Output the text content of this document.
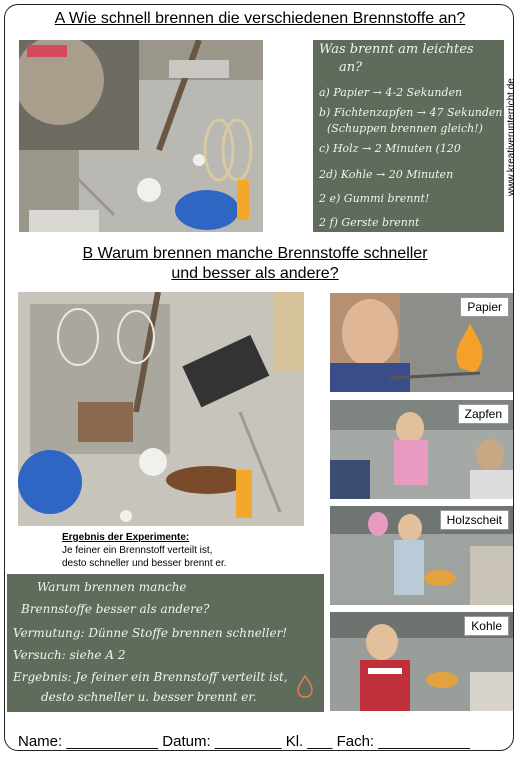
A Wie schnell brennen die verschiedenen Brennstoffe an?
Was brennt am leichtes
an?
a) Papier → 4-2 Sekunden
b) Fichtenzapfen → 47 Sekunden
(Schuppen brennen gleich!)
c) Holz → 2 Minuten (120
2d) Kohle → 20 Minuten
2 e) Gummi brennt!
2 f) Gerste brennt
www.kreativerunterricht.de
B Warum brennen manche Brennstoffe schneller
und besser als andere?
Ergebnis der Experimente:
Je feiner ein Brennstoff verteilt ist,
desto schneller und besser brennt er.
Warum brennen manche
Brennstoffe besser als andere?
Vermutung: Dünne Stoffe brennen schneller!
Versuch: siehe A 2
Ergebnis: Je feiner ein Brennstoff verteilt ist,
desto schneller u. besser brennt er.
Papier
Zapfen
Holzscheit
Kohle
Name: ___________ Datum: ________ Kl. ___ Fach: ___________
